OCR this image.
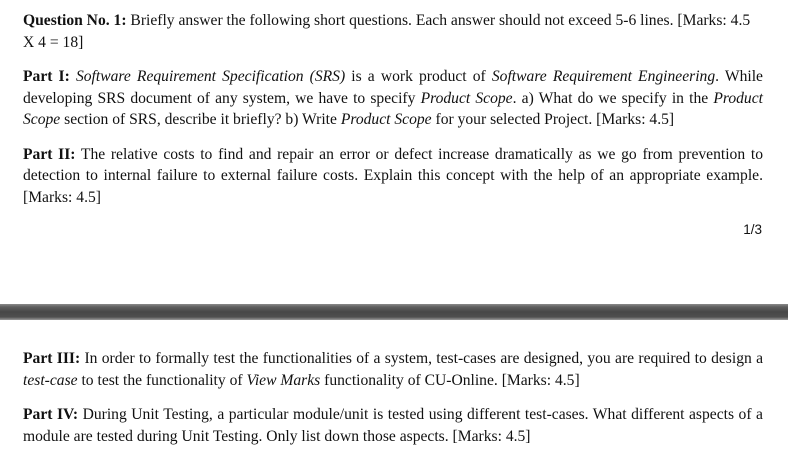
Question No. 1: Briefly answer the following short questions. Each answer should not exceed 5-6 lines. [Marks: 4.5 X 4 = 18]

Part I: Software Requirement Specification (SRS) is a work product of Software Requirement Engineering. While developing SRS document of any system, we have to specify Product Scope. a) What do we specify in the Product Scope section of SRS, describe it briefly? b) Write Product Scope for your selected Project. [Marks: 4.5]

Part II: The relative costs to find and repair an error or defect increase dramatically as we go from prevention to detection to internal failure to external failure costs. Explain this concept with the help of an appropriate example. [Marks: 4.5]

1/3

Part III: In order to formally test the functionalities of a system, test-cases are designed, you are required to design a test-case to test the functionality of View Marks functionality of CU-Online. [Marks: 4.5]

Part IV: During Unit Testing, a particular module/unit is tested using different test-cases. What different aspects of a module are tested during Unit Testing. Only list down those aspects. [Marks: 4.5]
